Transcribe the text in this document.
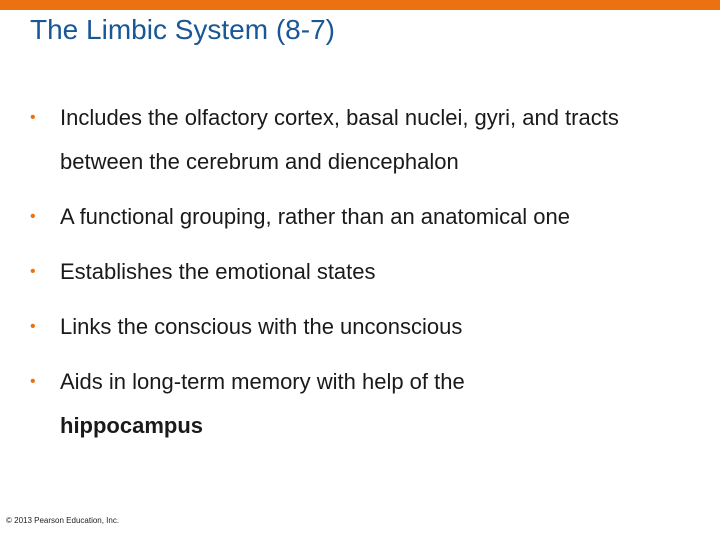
The Limbic System (8-7)
• Includes the olfactory cortex, basal nuclei, gyri, and tracts between the cerebrum and diencephalon
• A functional grouping, rather than an anatomical one
• Establishes the emotional states
• Links the conscious with the unconscious
• Aids in long-term memory with help of the
hippocampus
© 2013 Pearson Education, Inc.
